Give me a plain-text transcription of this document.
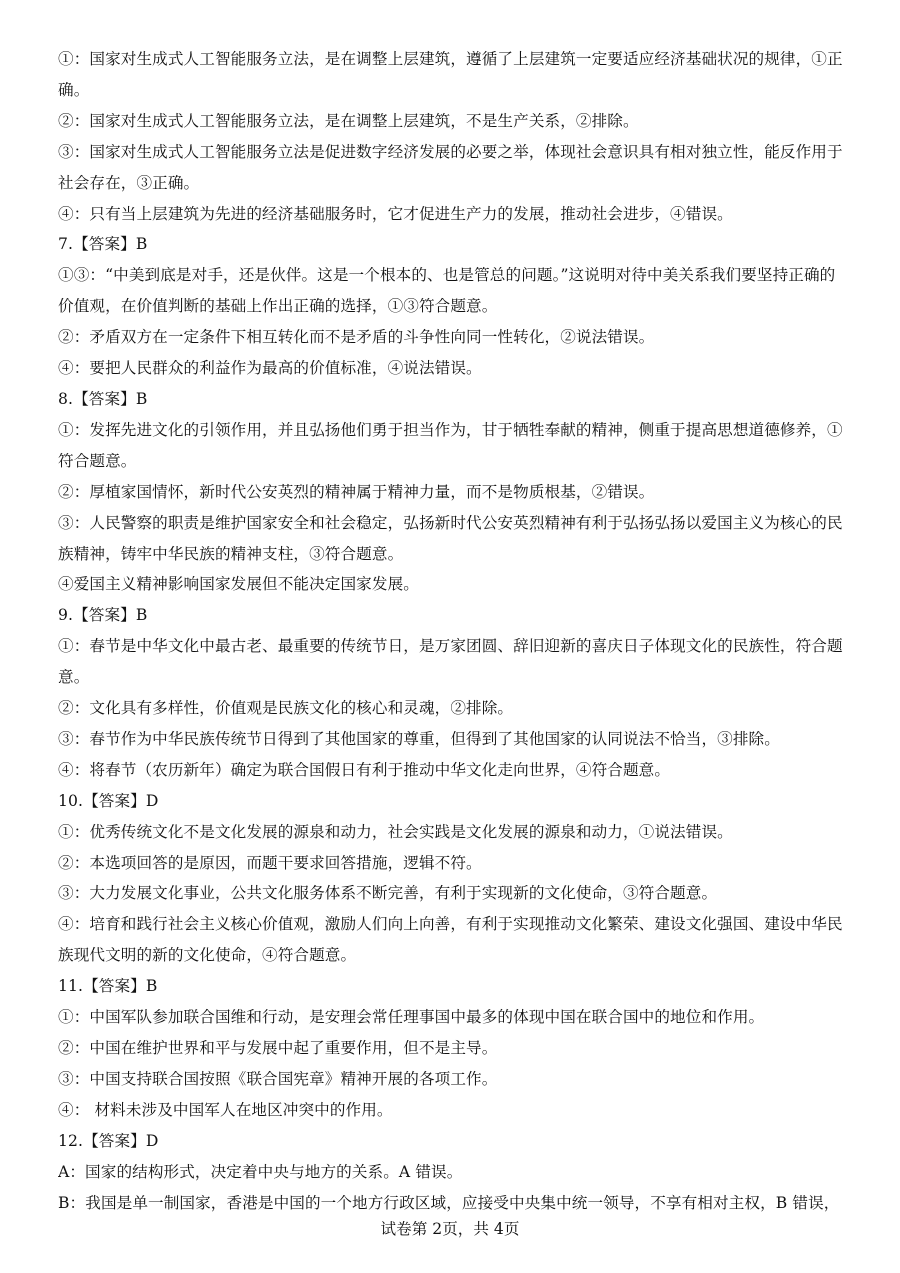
①：国家对生成式人工智能服务立法，是在调整上层建筑，遵循了上层建筑一定要适应经济基础状况的规律，①正

确。

②：国家对生成式人工智能服务立法，是在调整上层建筑，不是生产关系，②排除。

③：国家对生成式人工智能服务立法是促进数字经济发展的必要之举，体现社会意识具有相对独立性，能反作用于

社会存在，③正确。

④：只有当上层建筑为先进的经济基础服务时，它才促进生产力的发展，推动社会进步，④错误。

7.【答案】B

①③：“中美到底是对手，还是伙伴。这是一个根本的、也是管总的问题。”这说明对待中美关系我们要坚持正确的

价值观，在价值判断的基础上作出正确的选择，①③符合题意。

②：矛盾双方在一定条件下相互转化而不是矛盾的斗争性向同一性转化，②说法错误。

④：要把人民群众的利益作为最高的价值标准，④说法错误。

8.【答案】B

①：发挥先进文化的引领作用，并且弘扬他们勇于担当作为，甘于牺牲奉献的精神，侧重于提高思想道德修养，①

符合题意。

②：厚植家国情怀，新时代公安英烈的精神属于精神力量，而不是物质根基，②错误。

③：人民警察的职责是维护国家安全和社会稳定，弘扬新时代公安英烈精神有利于弘扬弘扬以爱国主义为核心的民

族精神，铸牢中华民族的精神支柱，③符合题意。

④爱国主义精神影响国家发展但不能决定国家发展。

9.【答案】B

①：春节是中华文化中最古老、最重要的传统节日，是万家团圆、辞旧迎新的喜庆日子体现文化的民族性，符合题

意。

②：文化具有多样性，价值观是民族文化的核心和灵魂，②排除。

③：春节作为中华民族传统节日得到了其他国家的尊重，但得到了其他国家的认同说法不恰当，③排除。

④：将春节（农历新年）确定为联合国假日有利于推动中华文化走向世界，④符合题意。

10.【答案】D

①：优秀传统文化不是文化发展的源泉和动力，社会实践是文化发展的源泉和动力，①说法错误。

②：本选项回答的是原因，而题干要求回答措施，逻辑不符。

③：大力发展文化事业，公共文化服务体系不断完善，有利于实现新的文化使命，③符合题意。

④：培育和践行社会主义核心价值观，激励人们向上向善，有利于实现推动文化繁荣、建设文化强国、建设中华民

族现代文明的新的文化使命，④符合题意。

11.【答案】B

①：中国军队参加联合国维和行动，是安理会常任理事国中最多的体现中国在联合国中的地位和作用。

②：中国在维护世界和平与发展中起了重要作用，但不是主导。

③：中国支持联合国按照《联合国宪章》精神开展的各项工作。

④： 材料未涉及中国军人在地区冲突中的作用。

12.【答案】D

A：国家的结构形式，决定着中央与地方的关系。A 错误。

B：我国是单一制国家，香港是中国的一个地方行政区域，应接受中央集中统一领导，不享有相对主权，B 错误，

试卷第 2页，共 4页
